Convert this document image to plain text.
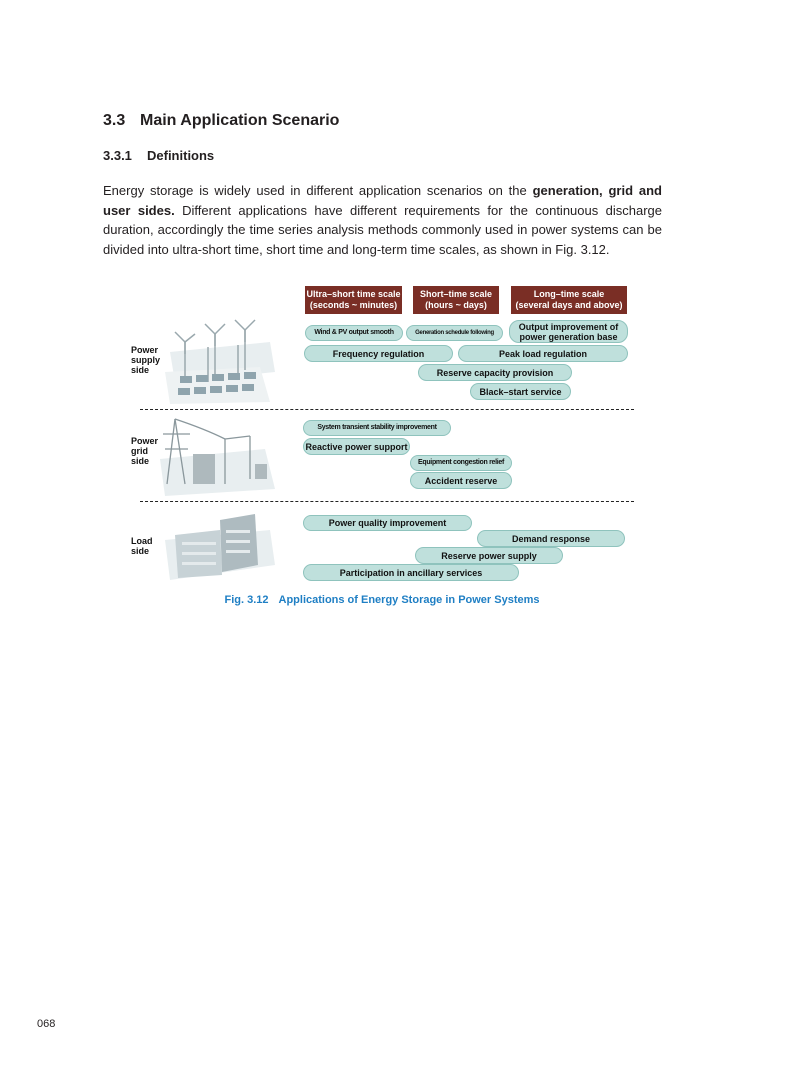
3.3 Main Application Scenario
3.3.1 Definitions
Energy storage is widely used in different application scenarios on the generation, grid and user sides. Different applications have different requirements for the continuous discharge duration, accordingly the time series analysis methods commonly used in power systems can be divided into ultra-short time, short time and long-term time scales, as shown in Fig. 3.12.
Ultra–short time scale
(seconds ~ minutes)
Short–time scale
(hours ~ days)
Long–time scale
(several days and above)
Power supply side
Wind & PV output smooth	Generation schedule following
Output improvement of power generation base
Frequency regulation	Peak load regulation
Reserve capacity provision
Black–start service
Power grid side
System transient stability improvement
Reactive power support
Equipment congestion relief
Accident reserve
Load side
Power quality improvement
Demand response
Reserve power supply
Participation in ancillary services
Fig. 3.12 Applications of Energy Storage in Power Systems
068
